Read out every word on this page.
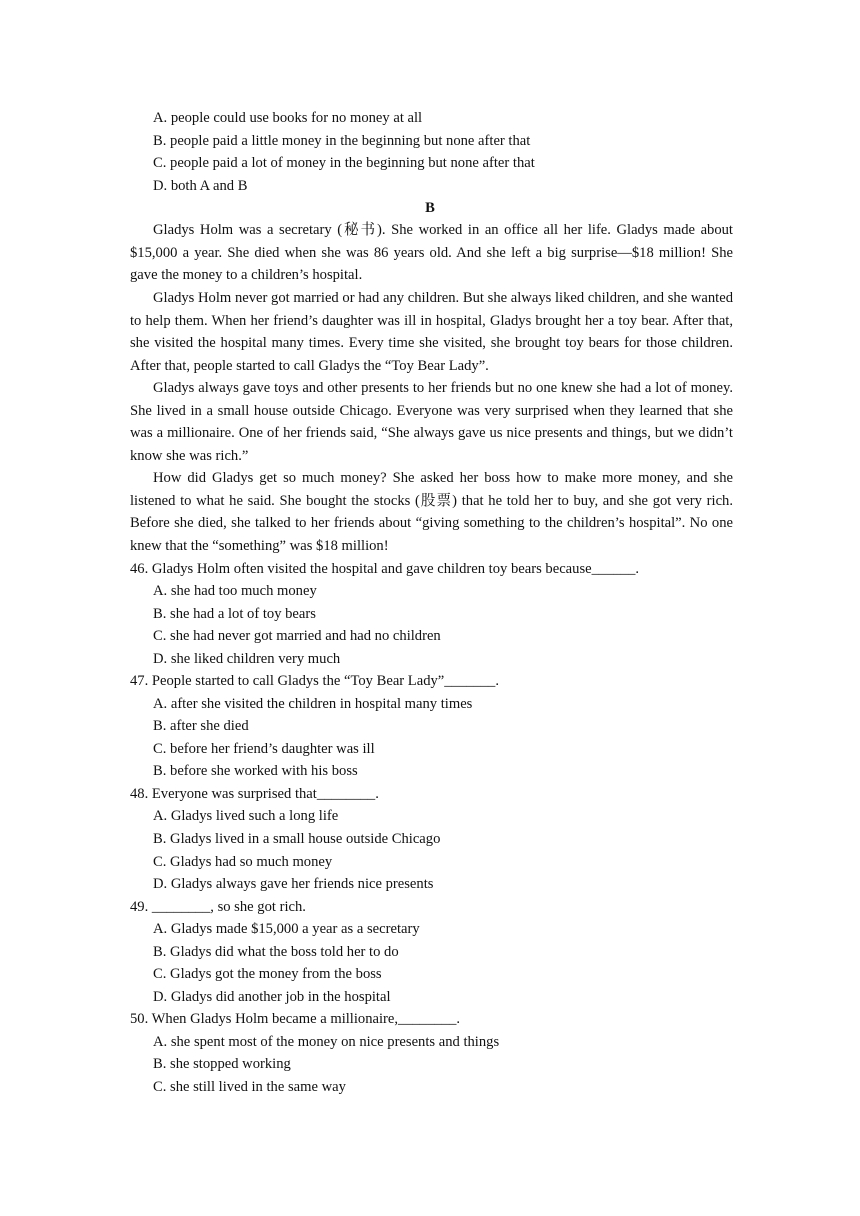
A. people could use books for no money at all
B. people paid a little money in the beginning but none after that
C. people paid a lot of money in the beginning but none after that
D. both A and B
B

Gladys Holm was a secretary (秘书). She worked in an office all her life. Gladys made about $15,000 a year. She died when she was 86 years old. And she left a big surprise—$18 million! She gave the money to a children’s hospital.

Gladys Holm never got married or had any children. But she always liked children, and she wanted to help them. When her friend’s daughter was ill in hospital, Gladys brought her a toy bear. After that, she visited the hospital many times. Every time she visited, she brought toy bears for those children. After that, people started to call Gladys the “Toy Bear Lady”.

Gladys always gave toys and other presents to her friends but no one knew she had a lot of money. She lived in a small house outside Chicago. Everyone was very surprised when they learned that she was a millionaire. One of her friends said, “She always gave us nice presents and things, but we didn’t know she was rich.”

How did Gladys get so much money? She asked her boss how to make more money, and she listened to what he said. She bought the stocks (股票) that he told her to buy, and she got very rich. Before she died, she talked to her friends about “giving something to the children’s hospital”. No one knew that the “something” was $18 million!

46. Gladys Holm often visited the hospital and gave children toy bears because______.
A. she had too much money
B. she had a lot of toy bears
C. she had never got married and had no children
D. she liked children very much
47. People started to call Gladys the “Toy Bear Lady”_______.
A. after she visited the children in hospital many times
B. after she died
C. before her friend’s daughter was ill
B. before she worked with his boss
48. Everyone was surprised that________.
A. Gladys lived such a long life
B. Gladys lived in a small house outside Chicago
C. Gladys had so much money
D. Gladys always gave her friends nice presents
49. ________, so she got rich.
A. Gladys made $15,000 a year as a secretary
B. Gladys did what the boss told her to do
C. Gladys got the money from the boss
D. Gladys did another job in the hospital
50. When Gladys Holm became a millionaire,________.
A. she spent most of the money on nice presents and things
B. she stopped working
C. she still lived in the same way
